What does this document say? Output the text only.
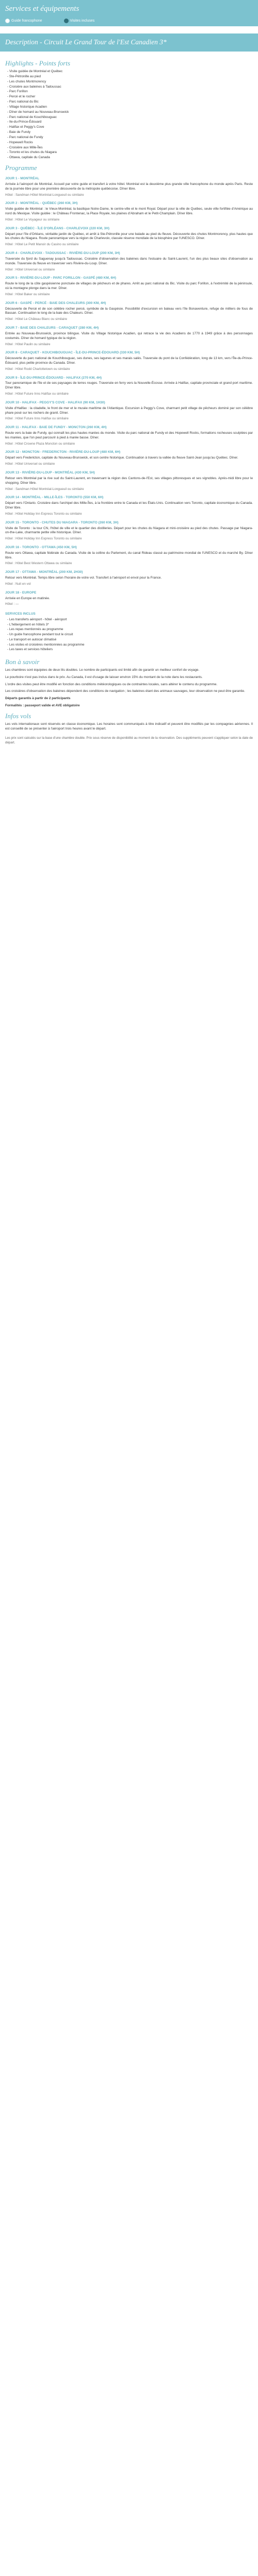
Services et équipements
Guide francophone	Visites incluses
Description - Circuit Le Grand Tour de l'Est Canadien 3*
Highlights - Points forts
- Visite guidée de Montréal et Québec
- Ste-Pétronille au pied
- Les chutes Montmorency
- Croisière aux baleines à Tadoussac
- Parc Forillon
- Percé et le rocher
- Parc national du Bic
- Village historique Acadien
- Dîner de homard au Nouveau-Brunswick
- Parc national de Kouchibouguac
- Ile-du-Prince-Édouard
- Halifax et Peggy's Cove
- Baie de Fundy
- Parc national de Fundy
- Hopewell Rocks
- Croisière aux Mille-Îles
- Toronto et les chutes du Niagara
- Ottawa, capitale du Canada
Programme
JOUR 1 - MONTRÉAL
Arrivée à l'aéroport de Montréal. Accueil par votre guide et transfert à votre hôtel. Montréal est la deuxième plus grande ville francophone du monde après Paris. Reste de la journée libre pour une première découverte de la métropole québécoise. Dîner libre.
Hôtel : Sandman Hôtel Montréal-Longueuil ou similaire
JOUR 2 - MONTRÉAL - QUÉBEC (260 KM, 3H)
Visite guidée de Montréal : le Vieux-Montréal, la basilique Notre-Dame, le centre-ville et le mont Royal. Départ pour la ville de Québec, seule ville fortifiée d'Amérique au nord du Mexique. Visite guidée : le Château Frontenac, la Place Royale, les plaines d'Abraham et le Petit-Champlain. Dîner libre.
Hôtel : Hôtel Le Voyageur ou similaire
JOUR 3 - QUÉBEC - ÎLE D'ORLÉANS - CHARLEVOIX (220 KM, 3H)
Départ pour l'île d'Orléans, véritable jardin de Québec, et arrêt à Ste-Pétronille pour une balade au pied du fleuve. Découverte des chutes Montmorency, plus hautes que les chutes du Niagara. Route panoramique vers la région de Charlevoix, classée réserve mondiale de la biosphère par l'UNESCO. Dîner.
Hôtel : Hôtel Le Petit Manoir du Casino ou similaire
JOUR 4 - CHARLEVOIX - TADOUSSAC - RIVIÈRE-DU-LOUP (200 KM, 3H)
Traversée du fjord du Saguenay jusqu'à Tadoussac. Croisière d'observation des baleines dans l'estuaire du Saint-Laurent, l'un des plus beaux sites d'observation au monde. Traversée du fleuve en traversier vers Rivière-du-Loup. Dîner.
Hôtel : Hôtel Universel ou similaire
JOUR 5 - RIVIÈRE-DU-LOUP - PARC FORILLON - GASPÉ (480 KM, 6H)
Route le long de la côte gaspésienne ponctuée de villages de pêcheurs et de phares. Arrêt au parc national du Bic. Visite du parc Forillon, à l'extrémité de la péninsule, où la montagne plonge dans la mer. Dîner.
Hôtel : Hôtel Baker ou similaire
JOUR 6 - GASPÉ - PERCÉ - BAIE DES CHALEURS (300 KM, 4H)
Découverte de Percé et de son célèbre rocher percé, symbole de la Gaspésie. Possibilité d'excursion en bateau vers l'île Bonaventure, refuge de milliers de fous de Bassan. Continuation le long de la baie des Chaleurs. Dîner.
Hôtel : Hôtel Le Château Blanc ou similaire
JOUR 7 - BAIE DES CHALEURS - CARAQUET (280 KM, 4H)
Entrée au Nouveau-Brunswick, province bilingue. Visite du Village historique Acadien, qui retrace la vie des Acadiens de 1770 à 1949 grâce à des personnages costumés. Dîner de homard typique de la région.
Hôtel : Hôtel Paulin ou similaire
JOUR 8 - CARAQUET - KOUCHIBOUGUAC - ÎLE-DU-PRINCE-ÉDOUARD (330 KM, 5H)
Découverte du parc national de Kouchibouguac, ses dunes, ses lagunes et ses marais salés. Traversée du pont de la Confédération, long de 13 km, vers l'Île-du-Prince-Édouard, plus petite province du Canada. Dîner.
Hôtel : Hôtel Rodd Charlottetown ou similaire
JOUR 9 - ÎLE-DU-PRINCE-ÉDOUARD - HALIFAX (270 KM, 4H)
Tour panoramique de l'île et de ses paysages de terres rouges. Traversée en ferry vers la Nouvelle-Écosse. Arrivée à Halifax, capitale provinciale et grand port maritime. Dîner libre.
Hôtel : Hôtel Future Inns Halifax ou similaire
JOUR 10 - HALIFAX - PEGGY'S COVE - HALIFAX (90 KM, 1H30)
Visite d'Halifax : la citadelle, le front de mer et le musée maritime de l'Atlantique. Excursion à Peggy's Cove, charmant petit village de pêcheurs dominé par son célèbre phare posé sur les rochers de granit. Dîner.
Hôtel : Hôtel Future Inns Halifax ou similaire
JOUR 11 - HALIFAX - BAIE DE FUNDY - MONCTON (260 KM, 4H)
Route vers la baie de Fundy, qui connaît les plus hautes marées du monde. Visite du parc national de Fundy et des Hopewell Rocks, formations rocheuses sculptées par les marées, que l'on peut parcourir à pied à marée basse. Dîner.
Hôtel : Hôtel Crowne Plaza Moncton ou similaire
JOUR 12 - MONCTON - FREDERICTON - RIVIÈRE-DU-LOUP (480 KM, 6H)
Départ vers Fredericton, capitale du Nouveau-Brunswick, et son centre historique. Continuation à travers la vallée du fleuve Saint-Jean jusqu'au Québec. Dîner.
Hôtel : Hôtel Universel ou similaire
JOUR 13 - RIVIÈRE-DU-LOUP - MONTRÉAL (430 KM, 5H)
Retour vers Montréal par la rive sud du Saint-Laurent, en traversant la région des Cantons-de-l'Est, ses villages pittoresques et ses vignobles. Après-midi libre pour le shopping. Dîner libre.
Hôtel : Sandman Hôtel Montréal-Longueuil ou similaire
JOUR 14 - MONTRÉAL - MILLE-ÎLES - TORONTO (550 KM, 6H)
Départ vers l'Ontario. Croisière dans l'archipel des Mille-Îles, à la frontière entre le Canada et les États-Unis. Continuation vers Toronto, capitale économique du Canada. Dîner libre.
Hôtel : Hôtel Holiday Inn Express Toronto ou similaire
JOUR 15 - TORONTO - CHUTES DU NIAGARA - TORONTO (260 KM, 3H)
Visite de Toronto : la tour CN, l'hôtel de ville et le quartier des distilleries. Départ pour les chutes du Niagara et mini-croisière au pied des chutes. Passage par Niagara-on-the-Lake, charmante petite ville historique. Dîner.
Hôtel : Hôtel Holiday Inn Express Toronto ou similaire
JOUR 16 - TORONTO - OTTAWA (450 KM, 5H)
Route vers Ottawa, capitale fédérale du Canada. Visite de la colline du Parlement, du canal Rideau classé au patrimoine mondial de l'UNESCO et du marché By. Dîner libre.
Hôtel : Hôtel Best Western Ottawa ou similaire
JOUR 17 - OTTAWA - MONTRÉAL (200 KM, 2H30)
Retour vers Montréal. Temps libre selon l'horaire de votre vol. Transfert à l'aéroport et envol pour la France.
Hôtel : Nuit en vol
JOUR 18 - EUROPE
Arrivée en Europe en matinée.
Hôtel : —
SERVICES INCLUS
- Les transferts aéroport - hôtel - aéroport
- L'hébergement en hôtels 3*
- Les repas mentionnés au programme
- Un guide francophone pendant tout le circuit
- Le transport en autocar climatisé
- Les visites et croisières mentionnées au programme
- Les taxes et services hôteliers
Bon à savoir
Les chambres sont équipées de deux lits doubles. Le nombre de participants est limité afin de garantir un meilleur confort de voyage.
Le pourboire n'est pas inclus dans le prix. Au Canada, il est d'usage de laisser environ 15% du montant de la note dans les restaurants.
L'ordre des visites peut être modifié en fonction des conditions météorologiques ou de contraintes locales, sans altérer le contenu du programme.
Les croisières d'observation des baleines dépendent des conditions de navigation ; les baleines étant des animaux sauvages, leur observation ne peut être garantie.
Départs garantis à partir de 2 participants
Formalités : passeport valide et AVE obligatoire
Infos vols
Les vols internationaux sont réservés en classe économique. Les horaires sont communiqués à titre indicatif et peuvent être modifiés par les compagnies aériennes. Il est conseillé de se présenter à l'aéroport trois heures avant le départ.
Les prix sont calculés sur la base d'une chambre double. Prix sous réserve de disponibilité au moment de la réservation. Des suppléments peuvent s'appliquer selon la date de départ.
